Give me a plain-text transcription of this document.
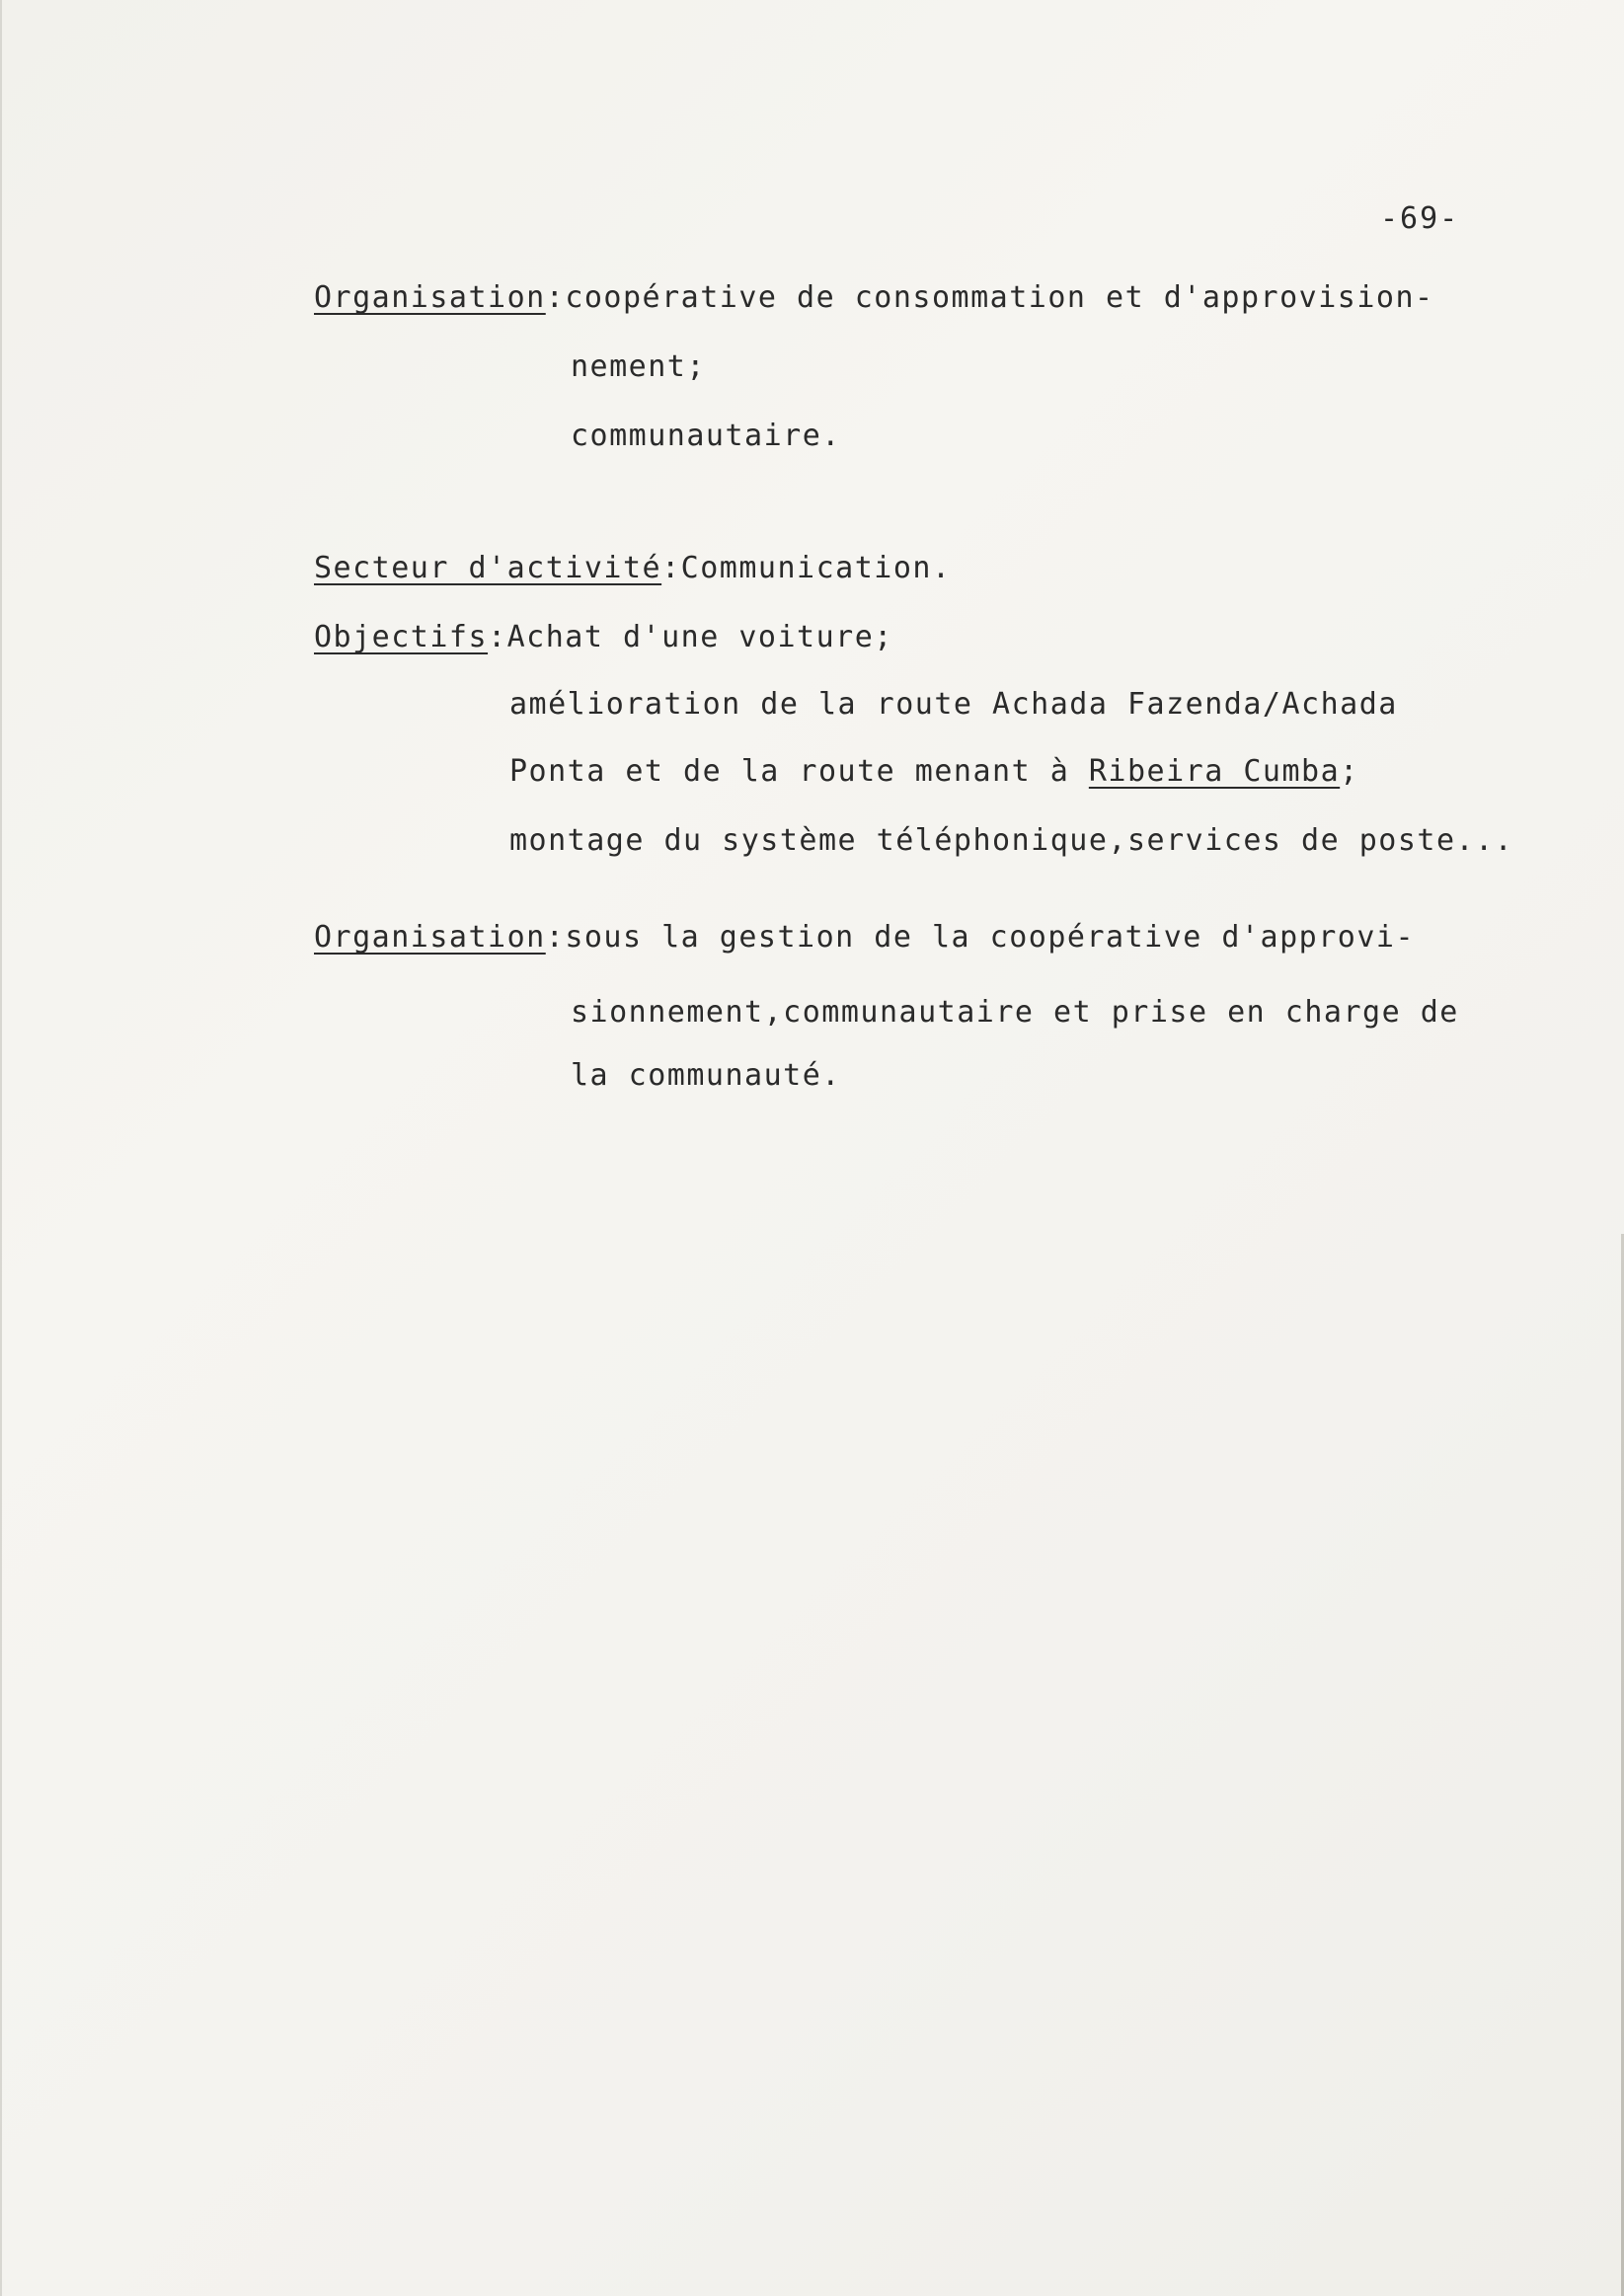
-69-
Organisation:coopérative de consommation et d'approvision-
nement;
communautaire.
Secteur d'activité:Communication.
Objectifs:Achat d'une voiture;
amélioration de la route Achada Fazenda/Achada
Ponta et de la route menant à Ribeira Cumba;
montage du système téléphonique,services de poste...
Organisation:sous la gestion de la coopérative d'approvi-
sionnement,communautaire et prise en charge de
la communauté.
